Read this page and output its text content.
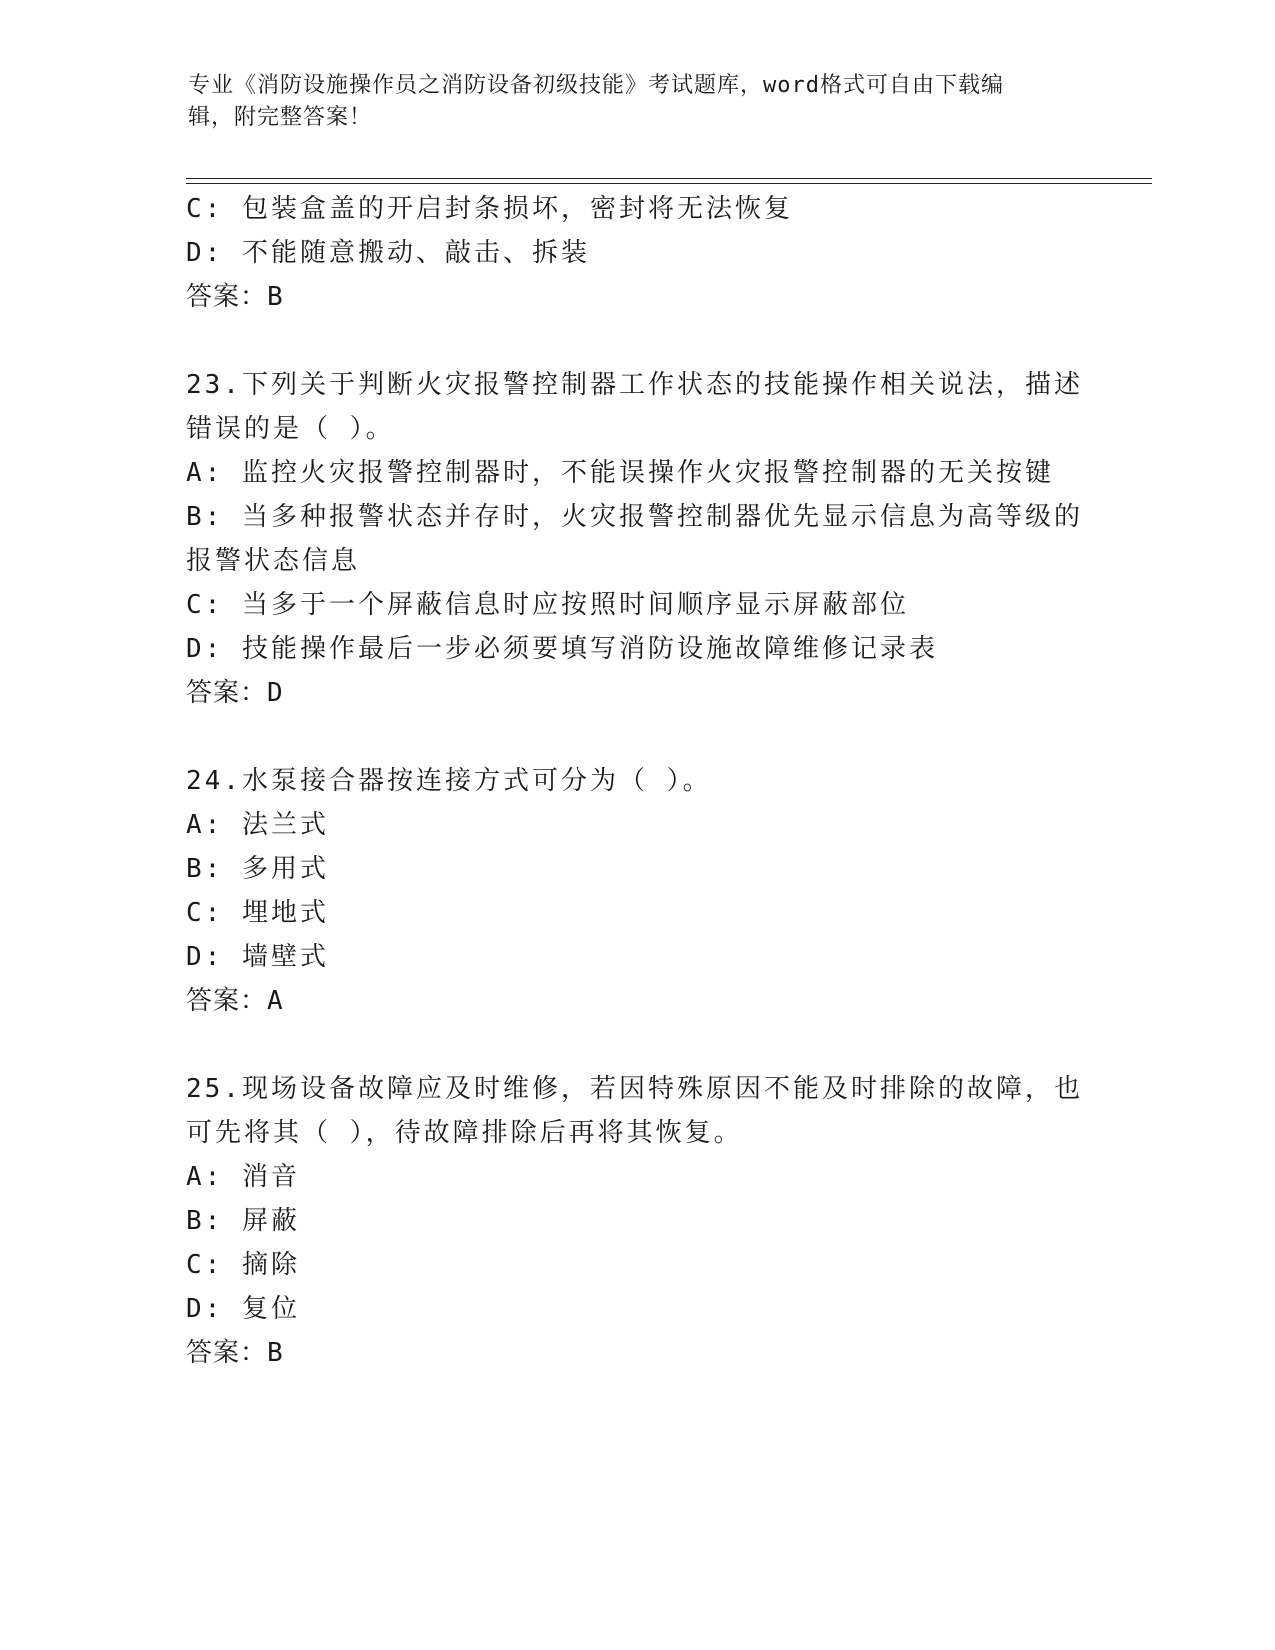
专业《消防设施操作员之消防设备初级技能》考试题库，word格式可自由下载编
辑，附完整答案！
C: 包装盒盖的开启封条损坏，密封将无法恢复
D: 不能随意搬动、敲击、拆装
答案：B
23.下列关于判断火灾报警控制器工作状态的技能操作相关说法，描述
错误的是（ ）。
A: 监控火灾报警控制器时，不能误操作火灾报警控制器的无关按键
B: 当多种报警状态并存时，火灾报警控制器优先显示信息为高等级的
报警状态信息
C: 当多于一个屏蔽信息时应按照时间顺序显示屏蔽部位
D: 技能操作最后一步必须要填写消防设施故障维修记录表
答案：D
24.水泵接合器按连接方式可分为（ ）。
A: 法兰式
B: 多用式
C: 埋地式
D: 墙壁式
答案：A
25.现场设备故障应及时维修，若因特殊原因不能及时排除的故障，也
可先将其（ ），待故障排除后再将其恢复。
A: 消音
B: 屏蔽
C: 摘除
D: 复位
答案：B
